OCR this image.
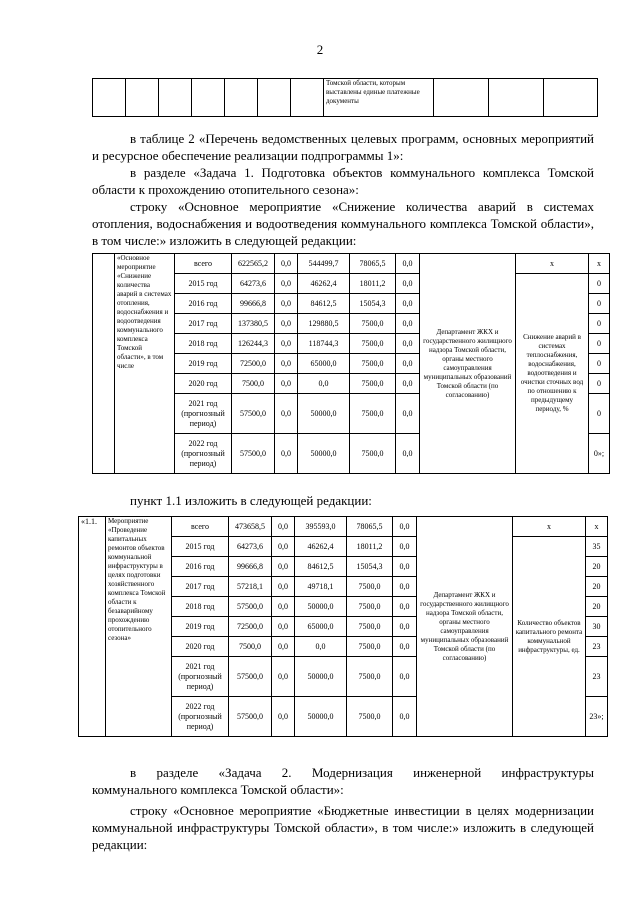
2
							Томской области, которым выставлены единые платежные документы			
в таблице 2 «Перечень ведомственных целевых программ, основных мероприятий и ресурсное обеспечение реализации подпрограммы 1»:
в разделе «Задача 1. Подготовка объектов коммунального комплекса Томской области к прохождению отопительного сезона»:
строку «Основное мероприятие «Снижение количества аварий в системах отопления, водоснабжения и водоотведения коммунального комплекса Томской области», в том числе:» изложить в следующей редакции:
	«Основное мероприятие «Снижение количества аварий в системах отопления, водоснабжения и водоотведения коммунального комплекса Томской области», в том числе	всего	622565,2	0,0	544499,7	78065,5	0,0	Департамент ЖКХ и государственного жилищного надзора Томской области, органы местного самоуправления муниципальных образований Томской области (по согласованию)	x	x
		2015 год	64273,6	0,0	46262,4	18011,2	0,0		Снижение аварий в системах теплоснабжения, водоснабжения, водоотведения и очистки сточных вод по отношению к предыдущему периоду, %	0
		2016 год	99666,8	0,0	84612,5	15054,3	0,0			0
		2017 год	137380,5	0,0	129880,5	7500,0	0,0			0
		2018 год	126244,3	0,0	118744,3	7500,0	0,0			0
		2019 год	72500,0	0,0	65000,0	7500,0	0,0			0
		2020 год	7500,0	0,0	0,0	7500,0	0,0			0
		2021 год (прогнозный период)	57500,0	0,0	50000,0	7500,0	0,0			0
		2022 год (прогнозный период)	57500,0	0,0	50000,0	7500,0	0,0			0»;
пункт 1.1 изложить в следующей редакции:
«1.1.	Мероприятие «Проведение капитальных ремонтов объектов коммунальной инфраструктуры в целях подготовки хозяйственного комплекса Томской области к безаварийному прохождению отопительного сезона»	всего	473658,5	0,0	395593,0	78065,5	0,0	Департамент ЖКХ и государственного жилищного надзора Томской области, органы местного самоуправления муниципальных образований Томской области (по согласованию)	x	x
		2015 год	64273,6	0,0	46262,4	18011,2	0,0		Количество объектов капитального ремонта коммунальной инфраструктуры, ед.	35
		2016 год	99666,8	0,0	84612,5	15054,3	0,0			20
		2017 год	57218,1	0,0	49718,1	7500,0	0,0			20
		2018 год	57500,0	0,0	50000,0	7500,0	0,0			20
		2019 год	72500,0	0,0	65000,0	7500,0	0,0			30
		2020 год	7500,0	0,0	0,0	7500,0	0,0			23
		2021 год (прогнозный период)	57500,0	0,0	50000,0	7500,0	0,0			23
		2022 год (прогнозный период)	57500,0	0,0	50000,0	7500,0	0,0			23»;
в разделе «Задача 2. Модернизация инженерной инфраструктуры
коммунального комплекса Томской области»:
строку «Основное мероприятие «Бюджетные инвестиции в целях модернизации коммунальной инфраструктуры Томской области», в том числе:» изложить в следующей редакции:
